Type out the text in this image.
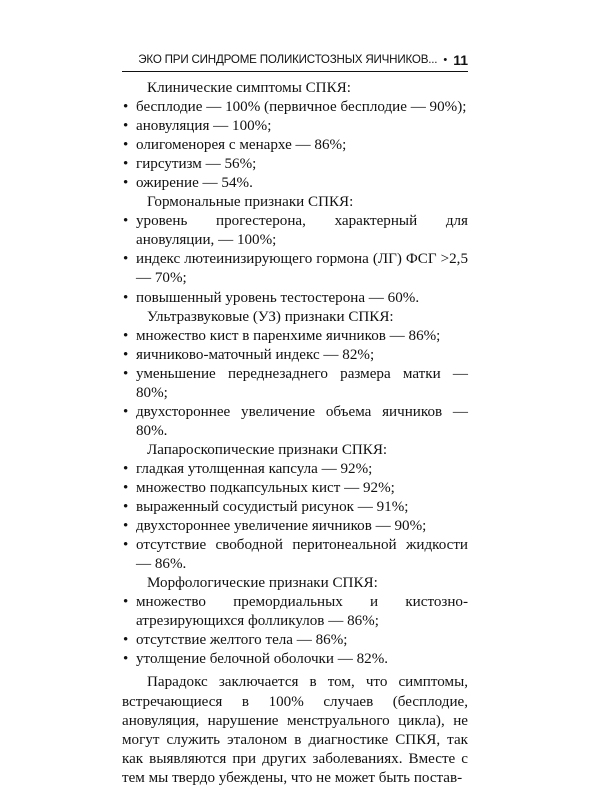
ЭКО ПРИ СИНДРОМЕ ПОЛИКИСТОЗНЫХ ЯИЧНИКОВ... • 11
Клинические симптомы СПКЯ:
• бесплодие — 100% (первичное бесплодие — 90%);
• ановуляция — 100%;
• олигоменорея с менархе — 86%;
• гирсутизм — 56%;
• ожирение — 54%.
Гормональные признаки СПКЯ:
• уровень прогестерона, характерный для ановуляции, — 100%;
• индекс лютеинизирующего гормона (ЛГ) ФСГ >2,5 — 70%;
• повышенный уровень тестостерона — 60%.
Ультразвуковые (УЗ) признаки СПКЯ:
• множество кист в паренхиме яичников — 86%;
• яичниково-маточный индекс — 82%;
• уменьшение переднезаднего размера матки — 80%;
• двухстороннее увеличение объема яичников — 80%.
Лапароскопические признаки СПКЯ:
• гладкая утолщенная капсула — 92%;
• множество подкапсульных кист — 92%;
• выраженный сосудистый рисунок — 91%;
• двухстороннее увеличение яичников — 90%;
• отсутствие свободной перитонеальной жидкости — 86%.
Морфологические признаки СПКЯ:
• множество премордиальных и кистозно-атрезирующихся фолликулов — 86%;
• отсутствие желтого тела — 86%;
• утолщение белочной оболочки — 82%.
Парадокс заключается в том, что симптомы, встречающиеся в 100% случаев (бесплодие, ановуляция, нарушение менструального цикла), не могут служить эталоном в диагностике СПКЯ, так как выявляются при других заболеваниях. Вместе с тем мы твердо убеждены, что не может быть постав-
